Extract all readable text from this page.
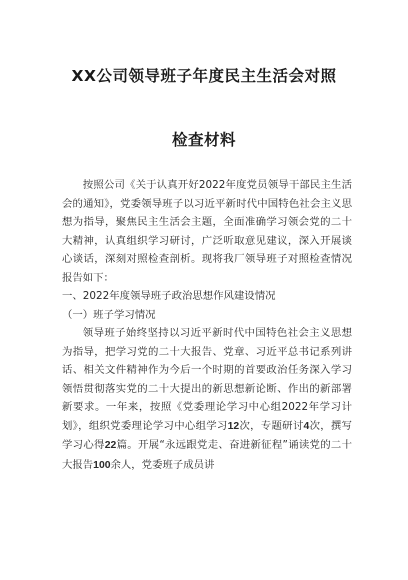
XX公司领导班子年度民主生活会对照
检查材料

按照公司《关于认真开好2022年度党员领导干部民主生活会的通知》，党委领导班子以习近平新时代中国特色社会主义思想为指导，聚焦民主生活会主题，全面准确学习领会党的二十大精神，认真组织学习研讨，广泛听取意见建议，深入开展谈心谈话，深刻对照检查剖析。现将我厂领导班子对照检查情况报告如下：

一、2022年度领导班子政治思想作风建设情况

（一）班子学习情况

领导班子始终坚持以习近平新时代中国特色社会主义思想为指导，把学习党的二十大报告、党章、习近平总书记系列讲话、相关文件精神作为今后一个时期的首要政治任务深入学习领悟贯彻落实党的二十大提出的新思想新论断、作出的新部署新要求。一年来，按照《党委理论学习中心组2022年学习计划》，组织党委理论学习中心组学习12次，专题研讨4次，撰写学习心得22篇。开展“永远跟党走、奋进新征程”诵读党的二十大报告100余人，党委班子成员讲
